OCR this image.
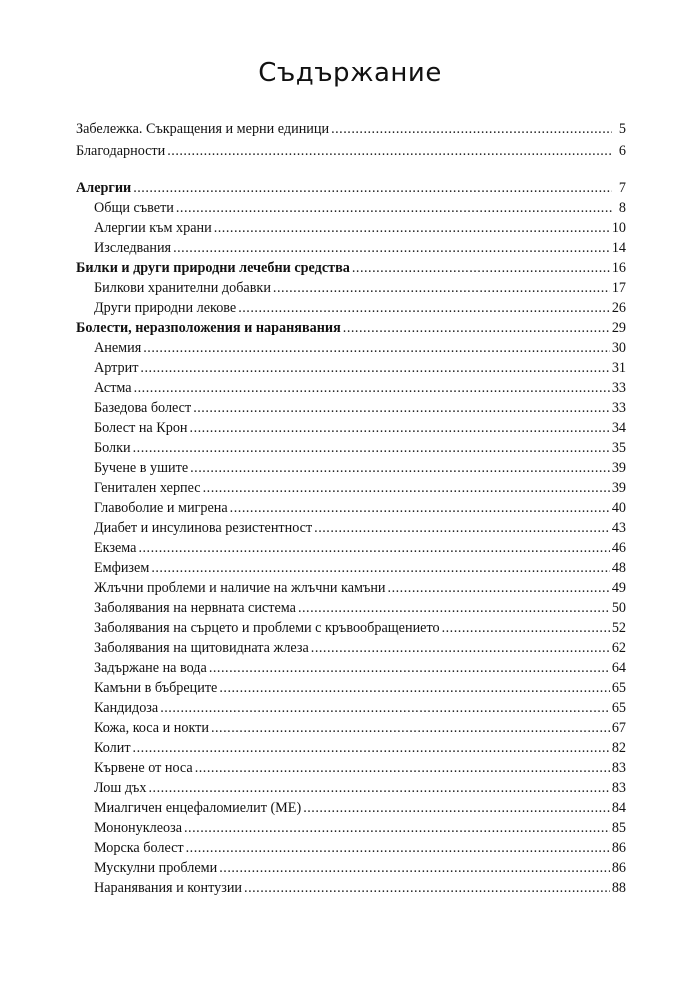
Съдържание
Забележка. Съкращения и мерни единици .....	5
Благодарности .....	6
Алергии .....	7
Общи съвети .....	8
Алергии към храни .....	10
Изследвания .....	14
Билки и други природни лечебни средства .....	16
Билкови хранителни добавки .....	17
Други природни лекове .....	26
Болести, неразположения и наранявания .....	29
Анемия .....	30
Артрит .....	31
Астма .....	33
Базедова болест .....	33
Болест на Крон .....	34
Болки .....	35
Бучене в ушите .....	39
Генитален херпес .....	39
Главоболие и мигрена .....	40
Диабет и инсулинова резистентност .....	43
Екзема .....	46
Емфизем .....	48
Жлъчни проблеми и наличие на жлъчни камъни .....	49
Заболявания на нервната система .....	50
Заболявания на сърцето и проблеми с кръвообращението .....	52
Заболявания на щитовидната жлеза .....	62
Задържане на вода .....	64
Камъни в бъбреците .....	65
Кандидоза .....	65
Кожа, коса и нокти .....	67
Колит .....	82
Кървене от носа .....	83
Лош дъх .....	83
Миалгичен енцефаломиелит (МЕ) .....	84
Мононуклеоза .....	85
Морска болест .....	86
Мускулни проблеми .....	86
Наранявания и контузии .....	88
